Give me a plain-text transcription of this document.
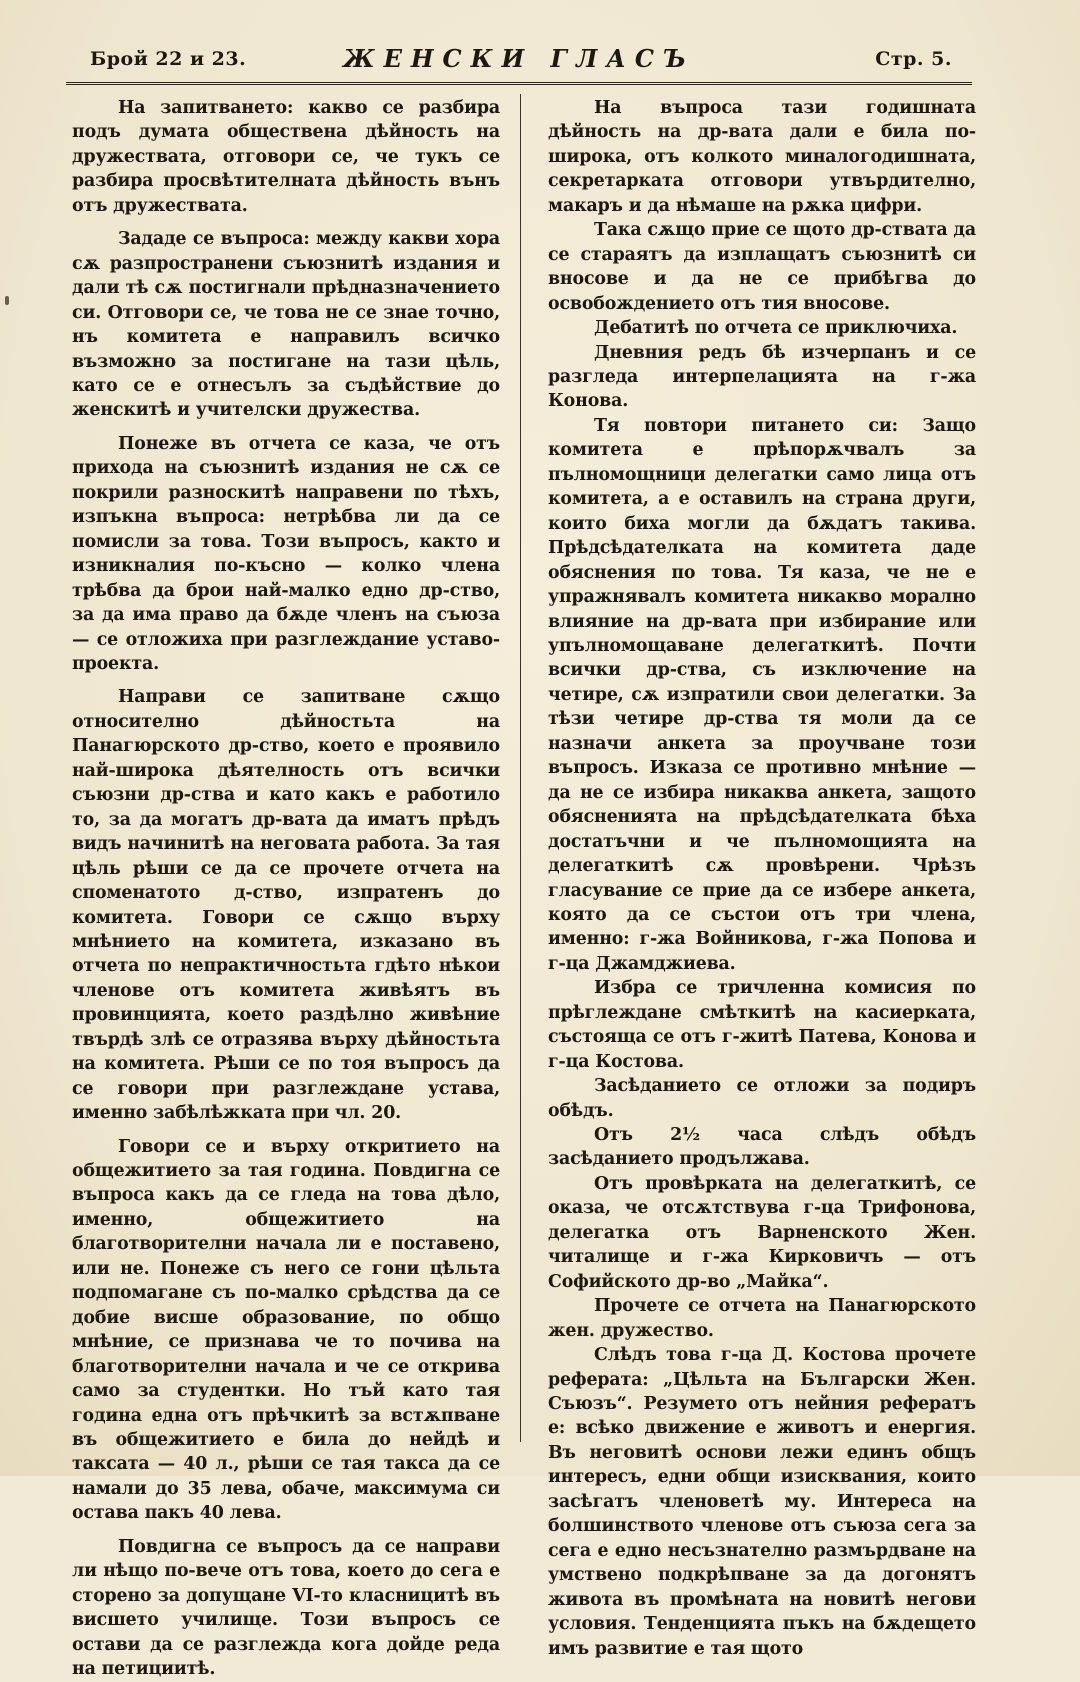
Брой 22 и 23.	ЖЕНСКИ ГЛАСЪ	Стр. 5.

На запитването: какво се разбира подъ думата обществена дѣйность на дружествата, отговори се, че тукъ се разбира просвѣтителната дѣйность вънъ отъ дружествата.

Зададе се въпроса: между какви хора сѫ разпространени съюзнитѣ издания и дали тѣ сѫ постигнали прѣдназначението си. Отговори се, че това не се знае точно, нъ комитета е направилъ всичко възможно за постигане на тази цѣль, като се е отнесълъ за съдѣйствие до женскитѣ и учителски дружества.

Понеже въ отчета се каза, че отъ прихода на съюзнитѣ издания не сѫ се покрили разноскитѣ направени по тѣхъ, изпъкна въпроса: нетрѣбва ли да се помисли за това. Този въпросъ, както и изникналия по-късно — колко члена трѣбва да брои най-малко едно др-ство, за да има право да бѫде членъ на съюза — се отложиха при разглеждание уставо-проекта.

Направи се запитване сѫщо относително дѣйностьта на Панагюрското др-ство, което е проявило най-широка дѣятелность отъ всички съюзни др-ства и като какъ е работило то, за да могатъ др-вата да иматъ прѣдъ видъ начинитѣ на неговата работа. За тая цѣль рѣши се да се прочете отчета на споменатото д-ство, изпратенъ до комитета. Говори се сѫщо върху мнѣнието на комитета, изказано въ отчета по непрактичностьта гдѣто нѣкои членове отъ комитета живѣятъ въ провинцията, което раздѣлно живѣние твърдѣ злѣ се отразява върху дѣйностьта на комитета. Рѣши се по тоя въпросъ да се говори при разглеждане устава, именно забѣлѣжката при чл. 20.

Говори се и върху откритието на общежитието за тая година. Повдигна се въпроса какъ да се гледа на това дѣло, именно, общежитието на благотворителни начала ли е поставено, или не. Понеже съ него се гони цѣльта подпомагане съ по-малко срѣдства да се добие висше образование, по общо мнѣние, се признава че то почива на благотворителни начала и че се открива само за студентки. Но тъй като тая година една отъ прѣчкитѣ за встѫпване въ общежитието е била до нейдѣ и таксата — 40 л., рѣши се тая такса да се намали до 35 лева, обаче, максимума си остава пакъ 40 лева.

Повдигна се въпросъ да се направи ли нѣщо по-вече отъ това, което до сега е сторено за допущане VI-то класницитѣ въ висшето училище. Този въпросъ се остави да се разглежда кога дойде реда на петициитѣ.

На въпроса тази годишната дѣйность на др-вата дали е била по-широка, отъ колкото миналогодишната, секретарката отговори утвърдително, макаръ и да нѣмаше на рѫка цифри.

Така сѫщо прие се щото др-ствата да се стараятъ да изплащатъ съюзнитѣ си вноcове и да не се прибѣгва до освобождението отъ тия вносове.

Дебатитѣ по отчета се приключиха.

Дневния редъ бѣ изчерпанъ и се разгледа интерпелацията на г-жа Конова.

Тя повтори питането си: Защо комитета е прѣпорѫчвалъ за пълномощници делегатки само лица отъ комитета, а е оставилъ на страна други, които биха могли да бѫдатъ такива. Прѣдсѣдателката на комитета даде обяснения по това. Тя каза, че не е упражнявалъ комитета никакво морално влияние на др-вата при избирание или упълномощаване делегаткитѣ. Почти всички др-ства, съ изключение на четире, сѫ изпратили свои делегатки. За тѣзи четире др-ства тя моли да се назначи анкета за проучване този въпросъ. Изказа се противно мнѣние — да не се избира никаква анкета, защото обясненията на прѣдсѣдателката бѣха достатъчни и че пълномощията на делегаткитѣ сѫ провѣрени. Чрѣзъ гласувание се прие да се избере анкета, която да се състои отъ три члена, именно: г-жа Войникова, г-жа Попова и г-ца Джамджиева.

Избра се тричленна комисия по прѣглеждане смѣткитѣ на касиерката, състояща се отъ г-житѣ Патева, Конова и г-ца Костова.

Засѣданието се отложи за подиръ обѣдъ.

Отъ 2½ часа слѣдъ обѣдъ засѣданието продължава.

Отъ провѣрката на делегаткитѣ, се оказа, че отсѫтствува г-ца Трифонова, делегатка отъ Варненското Жен. читалище и г-жа Кирковичъ — отъ Софийското др-во „Майка“.

Прочете се отчета на Панагюрското жен. дружество.

Слѣдъ това г-ца Д. Костова прочете реферата: „Цѣльта на Български Жен. Съюзъ“. Резумето отъ нейния рефератъ е: всѣко движение е животъ и енергия. Въ неговитѣ основи лежи единъ общъ интересъ, едни общи изисквания, които засѣгатъ членоветѣ му. Интереса на болшинството членове отъ съюза сега за сега е едно несъзнателно размърдване на умствено подкрѣпване за да догонятъ живота въ промѣната на новитѣ негови условия. Тенденцията пъкъ на бѫдещето имъ развитие е тая щото
